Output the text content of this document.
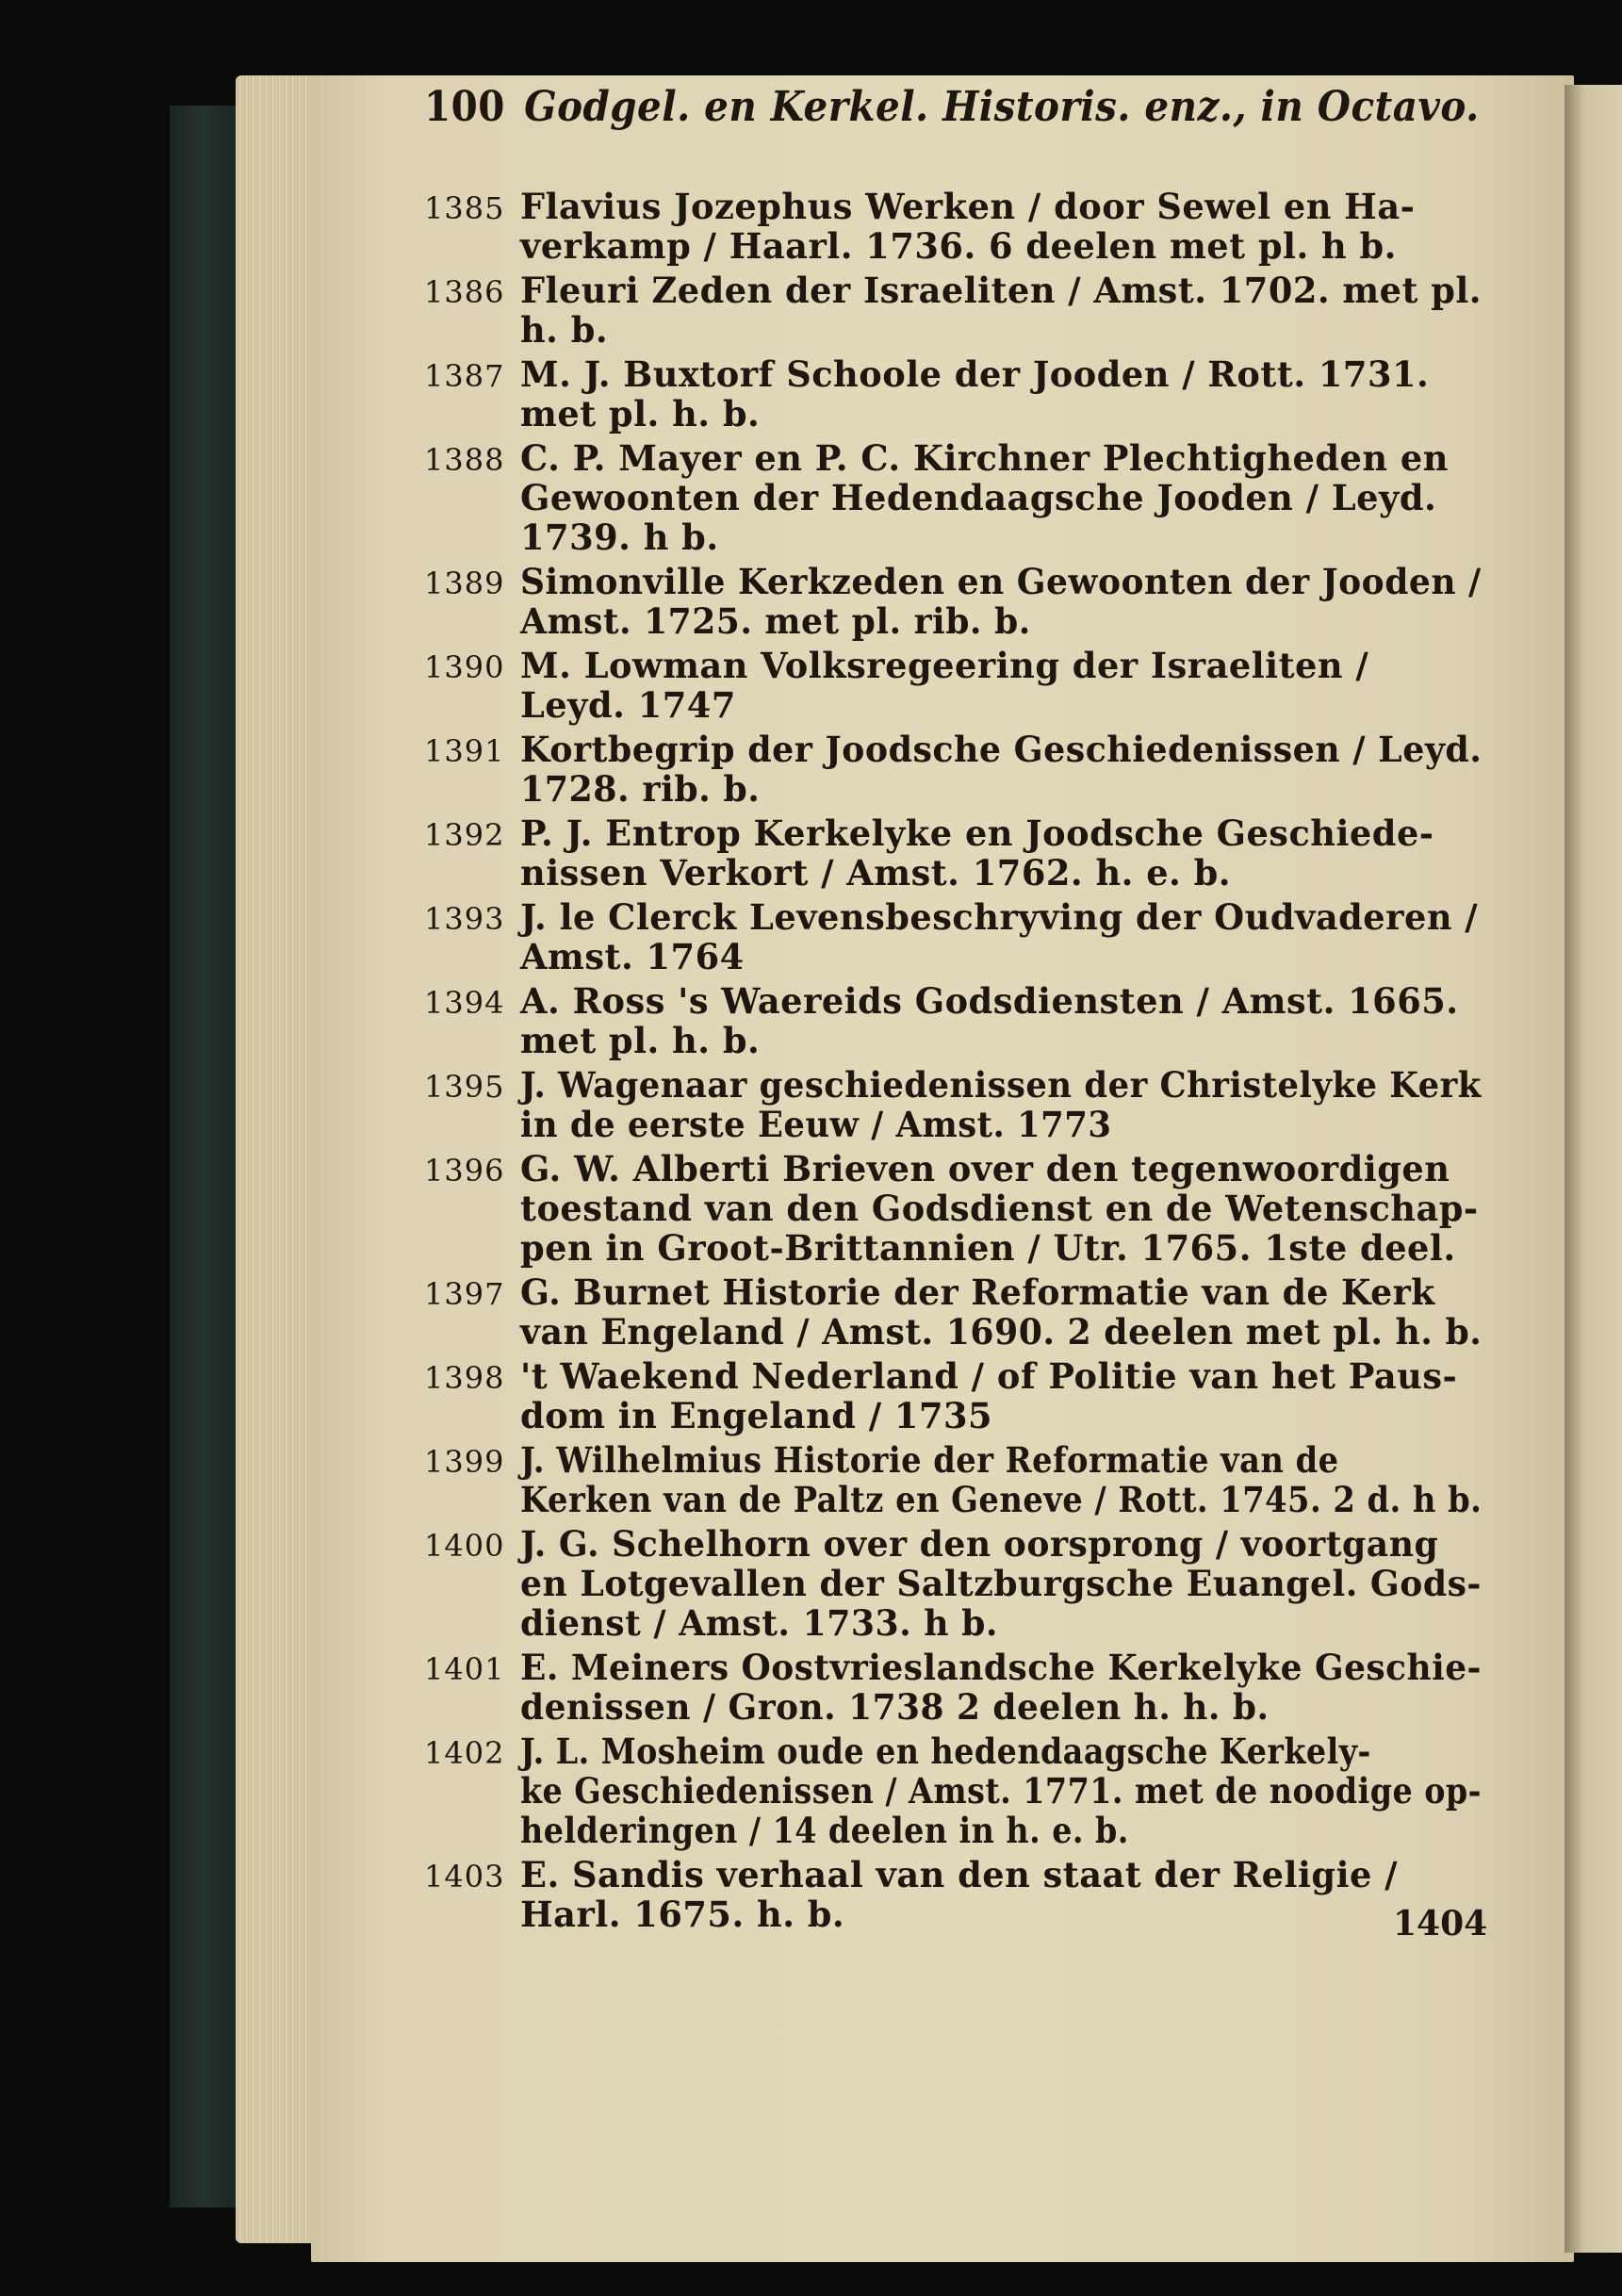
100 Godgel. en Kerkel. Historis. enz., in Octavo.
1385 Flavius Jozephus Werken / door Sewel en Ha-
verkamp / Haarl. 1736. 6 deelen met pl. h b.
1386 Fleuri Zeden der Israeliten / Amst. 1702. met pl.
h. b.
1387 M. J. Buxtorf Schoole der Jooden / Rott. 1731.
met pl. h. b.
1388 C. P. Mayer en P. C. Kirchner Plechtigheden en
Gewoonten der Hedendaagsche Jooden / Leyd.
1739. h b.
1389 Simonville Kerkzeden en Gewoonten der Jooden /
Amst. 1725. met pl. rib. b.
1390 M. Lowman Volksregeering der Israeliten /
Leyd. 1747
1391 Kortbegrip der Joodsche Geschiedenissen / Leyd.
1728. rib. b.
1392 P. J. Entrop Kerkelyke en Joodsche Geschiede-
nissen Verkort / Amst. 1762. h. e. b.
1393 J. le Clerck Levensbeschryving der Oudvaderen /
Amst. 1764
1394 A. Ross 's Waereids Godsdiensten / Amst. 1665.
met pl. h. b.
1395 J. Wagenaar geschiedenissen der Christelyke Kerk
in de eerste Eeuw / Amst. 1773
1396 G. W. Alberti Brieven over den tegenwoordigen
toestand van den Godsdienst en de Wetenschap-
pen in Groot-Brittannien / Utr. 1765. 1ste deel.
1397 G. Burnet Historie der Reformatie van de Kerk
van Engeland / Amst. 1690. 2 deelen met pl. h. b.
1398 't Waekend Nederland / of Politie van het Paus-
dom in Engeland / 1735
1399 J. Wilhelmius Historie der Reformatie van de
Kerken van de Paltz en Geneve / Rott. 1745. 2 d. h b.
1400 J. G. Schelhorn over den oorsprong / voortgang
en Lotgevallen der Saltzburgsche Euangel. Gods-
dienst / Amst. 1733. h b.
1401 E. Meiners Oostvrieslandsche Kerkelyke Geschie-
denissen / Gron. 1738 2 deelen h. h. b.
1402 J. L. Mosheim oude en hedendaagsche Kerkely-
ke Geschiedenissen / Amst. 1771. met de noodige op-
helderingen / 14 deelen in h. e. b.
1403 E. Sandis verhaal van den staat der Religie /
Harl. 1675. h. b.	1404
